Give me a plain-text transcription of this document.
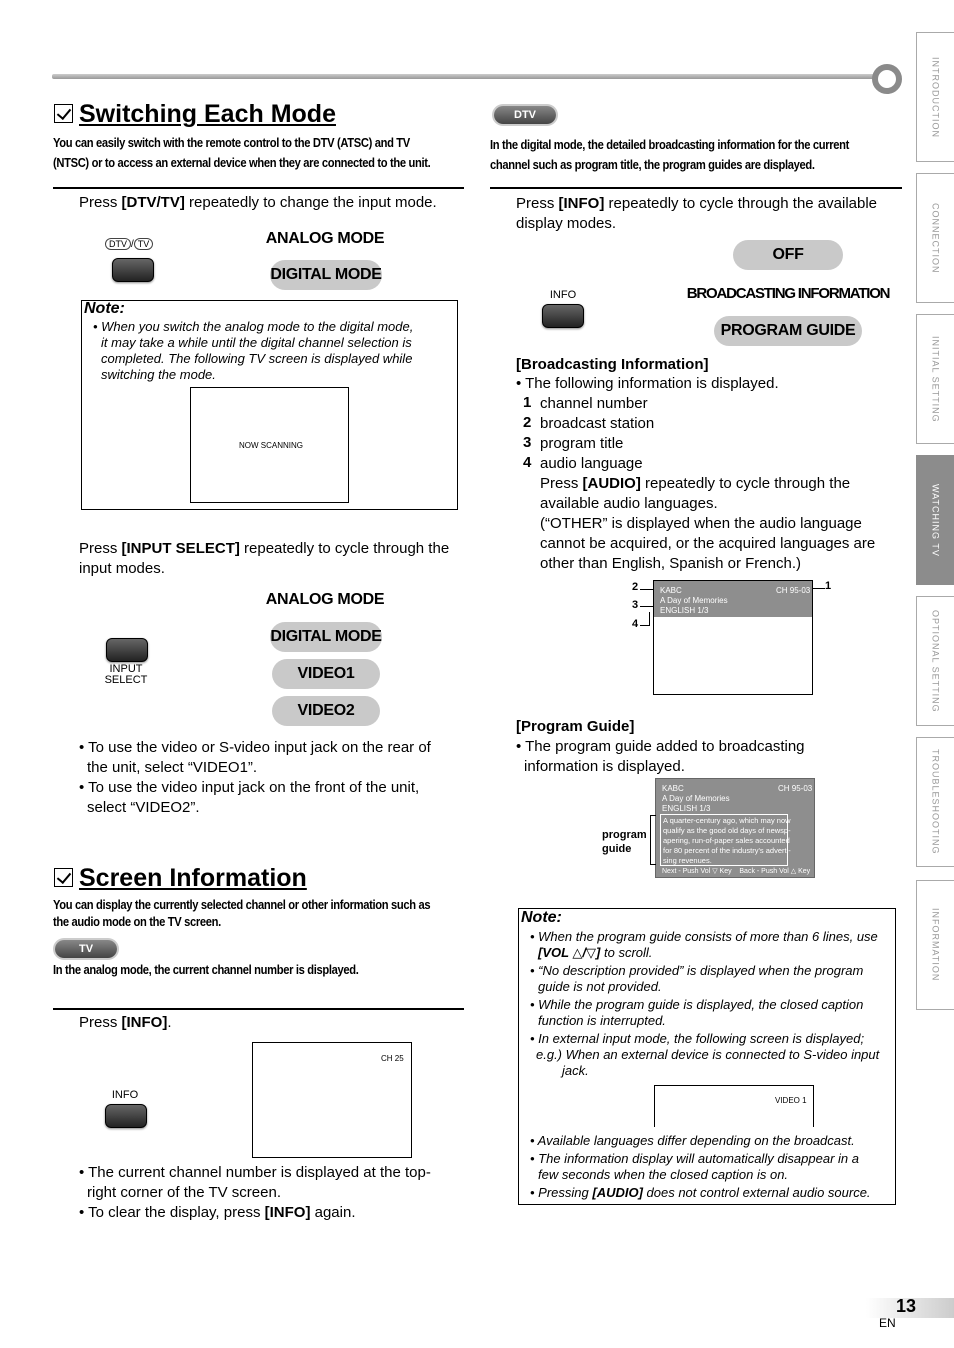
INTRODUCTION
CONNECTION
INITIAL SETTING
WATCHING TV
OPTIONAL SETTING
TROUBLESHOOTING
INFORMATION
Switching Each Mode
You can easily switch with the remote control to the DTV (ATSC) and TV
(NTSC) or to access an external device when they are connected to the unit.
Press [DTV/TV] repeatedly to change the input mode.
DTV / TV	ANALOG MODE
DIGITAL MODE
Note:
• When you switch the analog mode to the digital mode,
it may take a while until the digital channel selection is
completed. The following TV screen is displayed while
switching the mode.
NOW SCANNING
Press [INPUT SELECT] repeatedly to cycle through the
input modes.
INPUT
SELECT
ANALOG MODE
DIGITAL MODE
VIDEO1
VIDEO2
• To use the video or S-video input jack on the rear of
the unit, select “VIDEO1”.
• To use the video input jack on the front of the unit,
select “VIDEO2”.
Screen Information
You can display the currently selected channel or other information such as
the audio mode on the TV screen.
TV
In the analog mode, the current channel number is displayed.
Press [INFO].
INFO
CH 25
• The current channel number is displayed at the top-
right corner of the TV screen.
• To clear the display, press [INFO] again.
DTV
In the digital mode, the detailed broadcasting information for the current
channel such as program title, the program guides are displayed.
Press [INFO] repeatedly to cycle through the available
display modes.
INFO
OFF
BROADCASTING INFORMATION
PROGRAM GUIDE
[Broadcasting Information]
• The following information is displayed.
1 channel number
2 broadcast station
3 program title
4 audio language
Press [AUDIO] repeatedly to cycle through the
available audio languages.
(“OTHER” is displayed when the audio language
cannot be acquired, or the acquired languages are
other than English, Spanish or French.)
KABC	CH 95-03
A Day of Memories
ENGLISH 1/3
1
2
3
4
[Program Guide]
• The program guide added to broadcasting
information is displayed.
KABC	CH 95-03
A Day of Memories
ENGLISH 1/3
A quarter-century ago, which may now
qualify as the good old days of newsp-
apering, run-of-paper sales accounted
for 80 percent of the industry's adverti-
sing revenues.
Next - Push Vol ▽ Key Back - Push Vol △ Key
program
guide
Note:
• When the program guide consists of more than 6 lines, use
[VOL △/▽] to scroll.
• “No description provided” is displayed when the program
guide is not provided.
• While the program guide is displayed, the closed caption
function is interrupted.
• In external input mode, the following screen is displayed;
e.g.) When an external device is connected to S-video input
jack.
VIDEO 1
• Available languages differ depending on the broadcast.
• The information display will automatically disappear in a
few seconds when the closed caption is on.
• Pressing [AUDIO] does not control external audio source.
13
EN
